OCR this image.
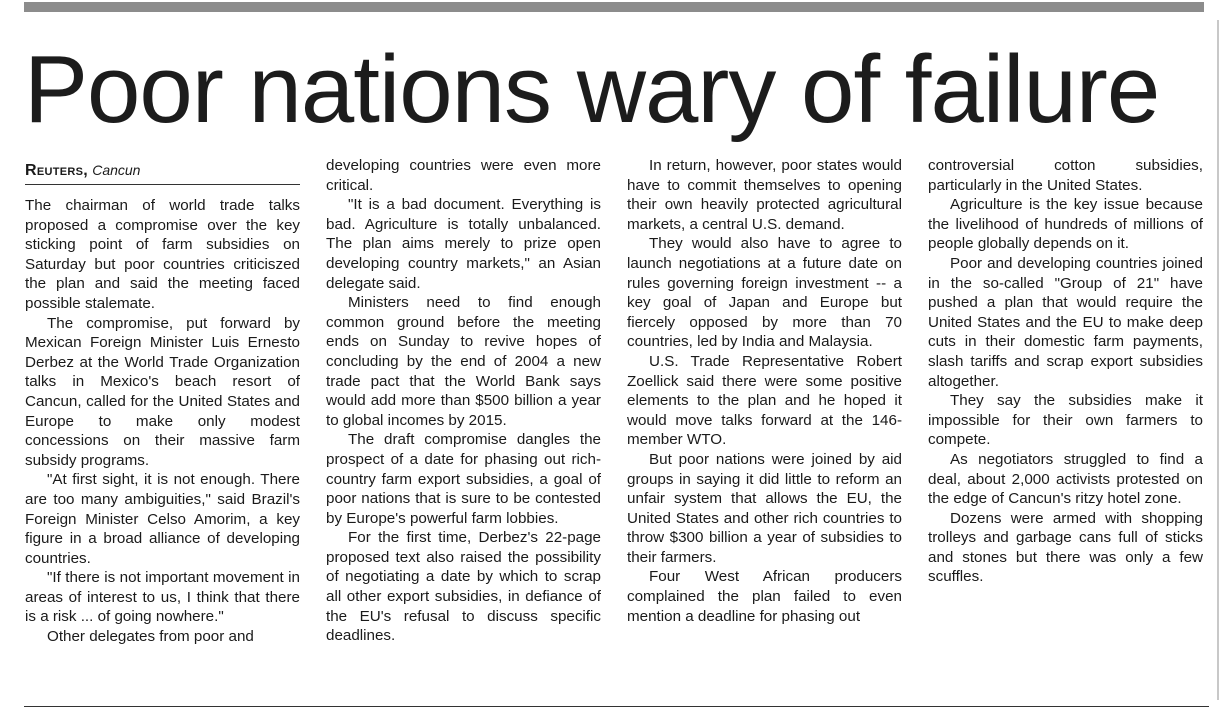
Poor nations wary of failure
Reuters, Cancun

The chairman of world trade talks proposed a compromise over the key sticking point of farm subsidies on Saturday but poor countries criticiszed the plan and said the meeting faced possible stalemate.

The compromise, put forward by Mexican Foreign Minister Luis Ernesto Derbez at the World Trade Organization talks in Mexico's beach resort of Cancun, called for the United States and Europe to make only modest concessions on their massive farm subsidy programs.

"At first sight, it is not enough. There are too many ambiguities," said Brazil's Foreign Minister Celso Amorim, a key figure in a broad alliance of developing countries.

"If there is not important movement in areas of interest to us, I think that there is a risk ... of going nowhere."

Other delegates from poor and

developing countries were even more critical.

"It is a bad document. Everything is bad. Agriculture is totally unbalanced. The plan aims merely to prize open developing country markets," an Asian delegate said.

Ministers need to find enough common ground before the meeting ends on Sunday to revive hopes of concluding by the end of 2004 a new trade pact that the World Bank says would add more than $500 billion a year to global incomes by 2015.

The draft compromise dangles the prospect of a date for phasing out rich-country farm export subsidies, a goal of poor nations that is sure to be contested by Europe's powerful farm lobbies.

For the first time, Derbez's 22-page proposed text also raised the possibility of negotiating a date by which to scrap all other export subsidies, in defiance of the EU's refusal to discuss specific deadlines.

In return, however, poor states would have to commit themselves to opening their own heavily protected agricultural markets, a central U.S. demand.

They would also have to agree to launch negotiations at a future date on rules governing foreign investment -- a key goal of Japan and Europe but fiercely opposed by more than 70 countries, led by India and Malaysia.

U.S. Trade Representative Robert Zoellick said there were some positive elements to the plan and he hoped it would move talks forward at the 146-member WTO.

But poor nations were joined by aid groups in saying it did little to reform an unfair system that allows the EU, the United States and other rich countries to throw $300 billion a year of subsidies to their farmers.

Four West African producers complained the plan failed to even mention a deadline for phasing out

controversial cotton subsidies, particularly in the United States.

Agriculture is the key issue because the livelihood of hundreds of millions of people globally depends on it.

Poor and developing countries joined in the so-called "Group of 21" have pushed a plan that would require the United States and the EU to make deep cuts in their domestic farm payments, slash tariffs and scrap export subsidies altogether.

They say the subsidies make it impossible for their own farmers to compete.

As negotiators struggled to find a deal, about 2,000 activists protested on the edge of Cancun's ritzy hotel zone.

Dozens were armed with shopping trolleys and garbage cans full of sticks and stones but there was only a few scuffles.
